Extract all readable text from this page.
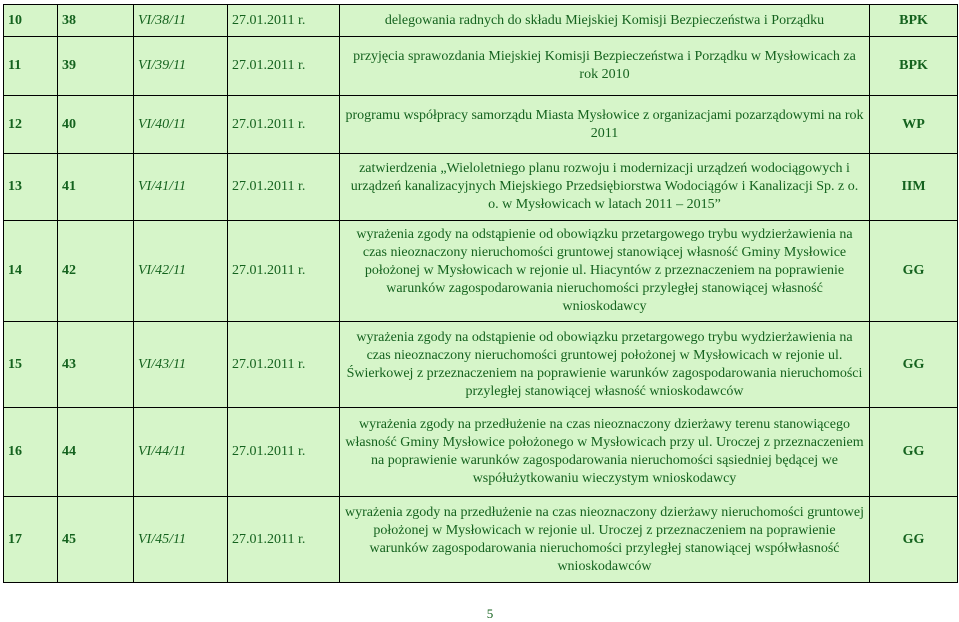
10	38	VI/38/11	27.01.2011 r.	delegowania radnych do składu Miejskiej Komisji Bezpieczeństwa i Porządku	BPK
11	39	VI/39/11	27.01.2011 r.	przyjęcia sprawozdania Miejskiej Komisji Bezpieczeństwa i Porządku w Mysłowicach za rok 2010	BPK
12	40	VI/40/11	27.01.2011 r.	programu współpracy samorządu Miasta Mysłowice z organizacjami pozarządowymi na rok 2011	WP
13	41	VI/41/11	27.01.2011 r.	zatwierdzenia „Wieloletniego planu rozwoju i modernizacji urządzeń wodociągowych i urządzeń kanalizacyjnych Miejskiego Przedsiębiorstwa Wodociągów i Kanalizacji Sp. z o. o. w Mysłowicach w latach 2011 – 2015”	IIM
14	42	VI/42/11	27.01.2011 r.	wyrażenia zgody na odstąpienie od obowiązku przetargowego trybu wydzierżawienia na czas nieoznaczony nieruchomości gruntowej stanowiącej własność Gminy Mysłowice położonej w Mysłowicach w rejonie ul. Hiacyntów z przeznaczeniem na poprawienie warunków zagospodarowania nieruchomości przyległej stanowiącej własność wnioskodawcy	GG
15	43	VI/43/11	27.01.2011 r.	wyrażenia zgody na odstąpienie od obowiązku przetargowego trybu wydzierżawienia na czas nieoznaczony nieruchomości gruntowej położonej w Mysłowicach w rejonie ul. Świerkowej z przeznaczeniem na poprawienie warunków zagospodarowania nieruchomości przyległej stanowiącej własność wnioskodawców	GG
16	44	VI/44/11	27.01.2011 r.	wyrażenia zgody na przedłużenie na czas nieoznaczony dzierżawy terenu stanowiącego własność Gminy Mysłowice położonego w Mysłowicach przy ul. Uroczej z przeznaczeniem na poprawienie warunków zagospodarowania nieruchomości sąsiedniej będącej we współużytkowaniu wieczystym wnioskodawcy	GG
17	45	VI/45/11	27.01.2011 r.	wyrażenia zgody na przedłużenie na czas nieoznaczony dzierżawy nieruchomości gruntowej położonej w Mysłowicach w rejonie ul. Uroczej z przeznaczeniem na poprawienie warunków zagospodarowania nieruchomości przyległej stanowiącej współwłasność wnioskodawców	GG
5
